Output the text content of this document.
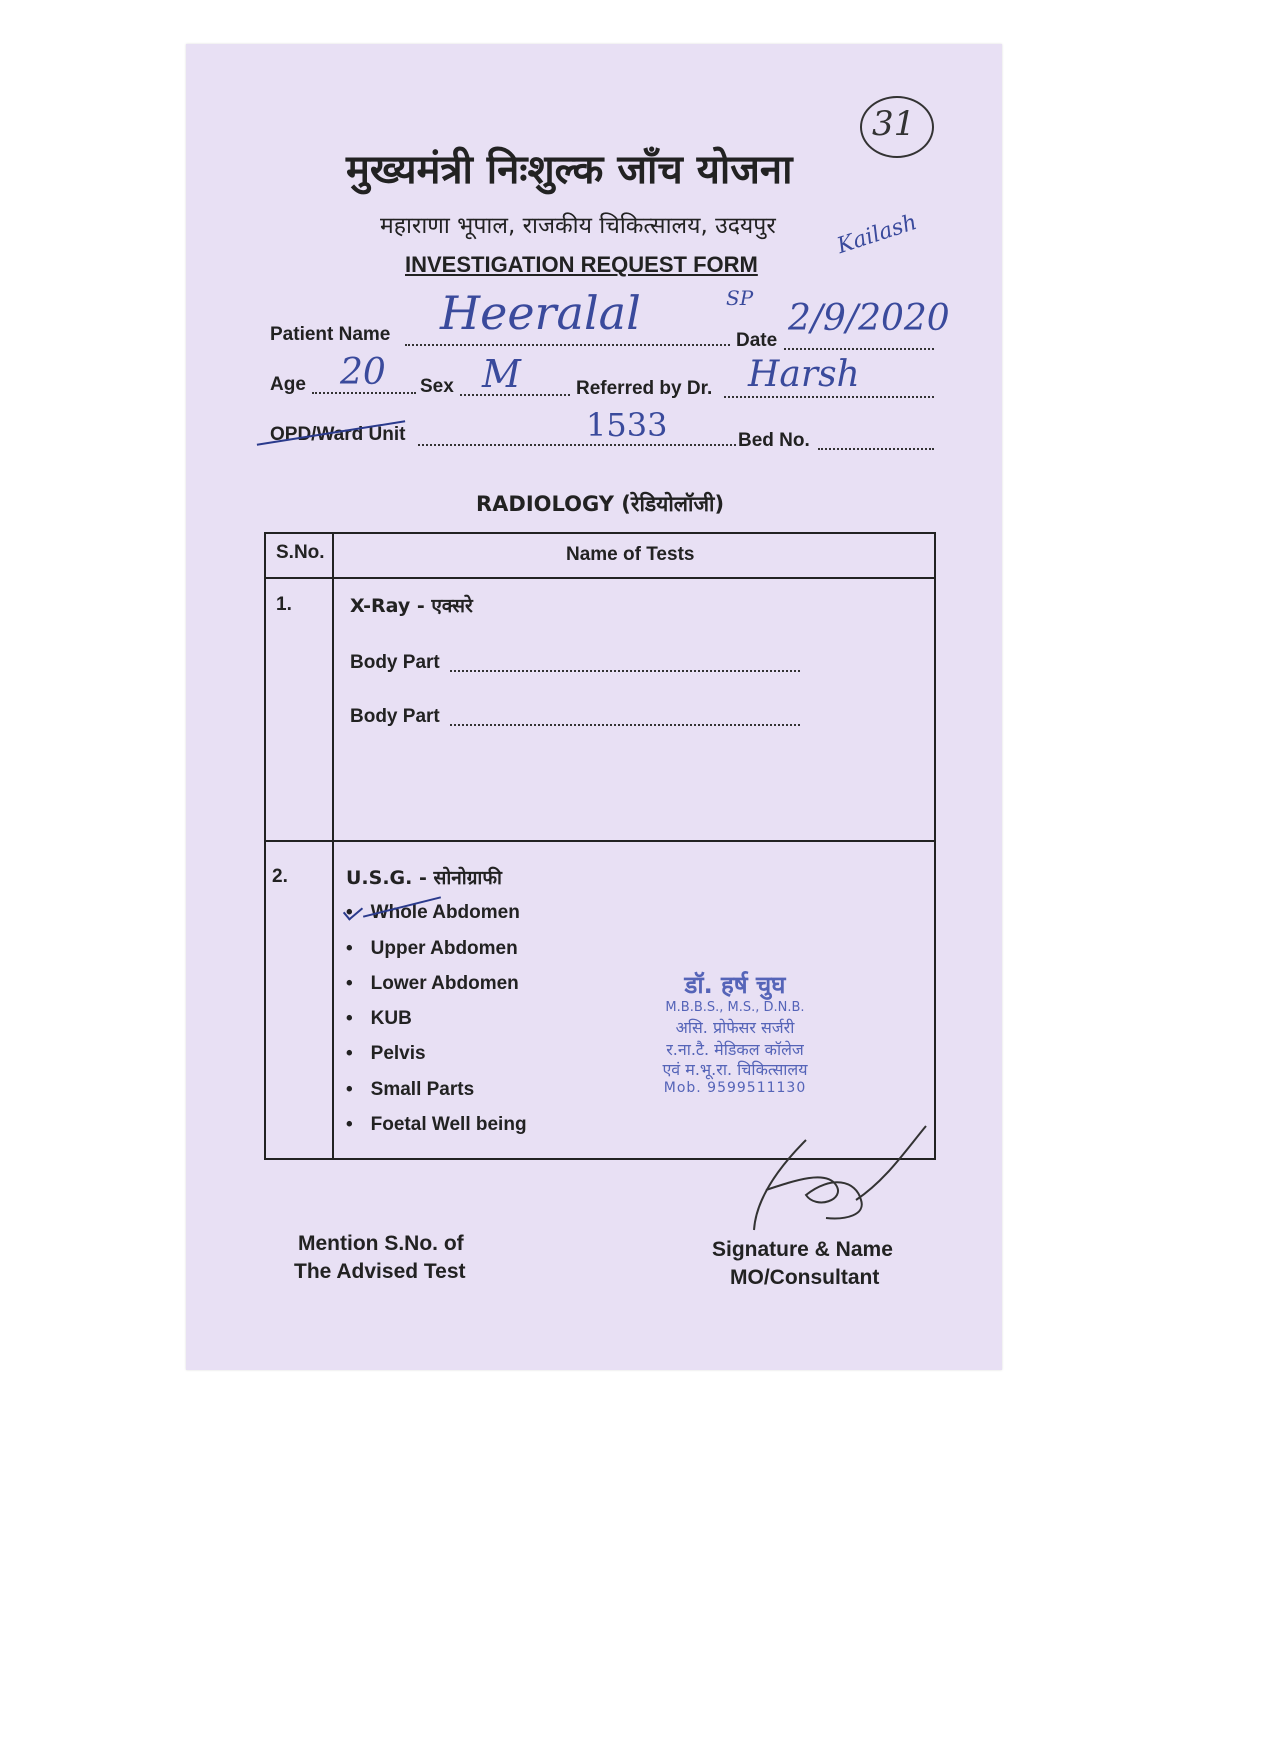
31
मुख्यमंत्री निःशुल्क जाँच योजना
महाराणा भूपाल, राजकीय चिकित्सालय, उदयपुर	Kailash
INVESTIGATION REQUEST FORM
Patient Name Heeralal	SP
Date
2/9/2020
Age 20 Sex M	Referred by Dr. Harsh
OPD/Ward Unit	1533	Bed No.
RADIOLOGY (रेडियोलॉजी)
S.No.	Name of Tests
1.	X-Ray - एक्सरे
Body Part
Body Part
2.	U.S.G. - सोनोग्राफी
• Whole Abdomen
• Upper Abdomen
• Lower Abdomen
• KUB
• Pelvis
• Small Parts
• Foetal Well being
डॉ. हर्ष चुघ
M.B.B.S., M.S., D.N.B.
असि. प्रोफेसर सर्जरी
र.ना.टै. मेडिकल कॉलेज
एवं म.भू.रा. चिकित्सालय
Mob. 9599511130
Mention S.No. of
The Advised Test
Signature & Name
MO/Consultant
